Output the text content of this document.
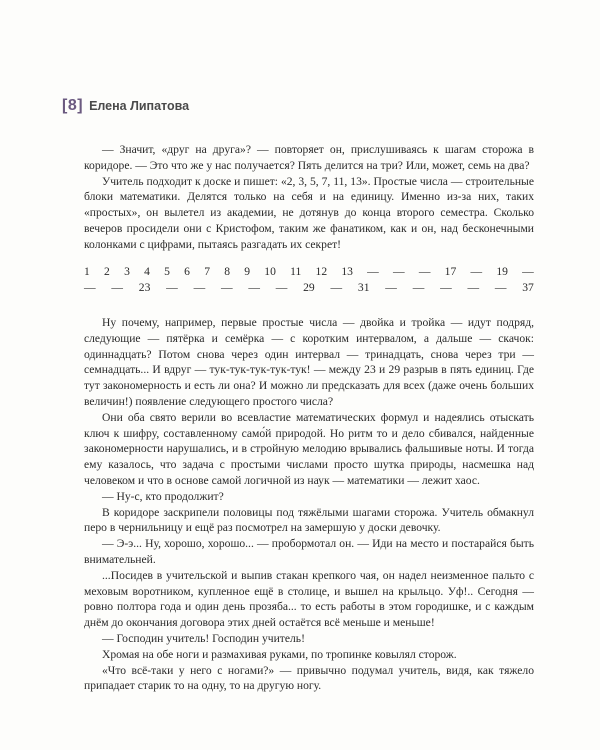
[8] Елена Липатова

— Значит, «друг на друга»? — повторяет он, прислушиваясь к шагам сторожа в коридоре. — Это что же у нас получается? Пять делится на три? Или, может, семь на два?

Учитель подходит к доске и пишет: «2, 3, 5, 7, 11, 13». Простые числа — строительные блоки математики. Делятся только на себя и на единицу. Именно из-за них, таких «простых», он вылетел из академии, не дотянув до конца второго семестра. Сколько вечеров просидели они с Кристофом, таким же фанатиком, как и он, над бесконечными колонками с цифрами, пытаясь разгадать их секрет!

1 2 3 4 5 6 7 8 9 10 11 12 13 — — — 17 — 19 —
— — 23 — — — — — 29 — 31 — — — — — 37

Ну почему, например, первые простые числа — двойка и тройка — идут подряд, следующие — пятёрка и семёрка — с коротким интервалом, а дальше — скачок: одиннадцать? Потом снова через один интервал — тринадцать, снова через три — семнадцать... И вдруг — тук-тук-тук-тук-тук! — между 23 и 29 разрыв в пять единиц. Где тут закономерность и есть ли она? И можно ли предсказать для всех (даже очень больших величин!) появление следующего простого числа?

Они оба свято верили во всевластие математических формул и надеялись отыскать ключ к шифру, составленному само́й природой. Но ритм то и дело сбивался, найденные закономерности нарушались, и в стройную мелодию врывались фальшивые ноты. И тогда ему казалось, что задача с простыми числами просто шутка природы, насмешка над человеком и что в основе самой логичной из наук — математики — лежит хаос.

— Ну-с, кто продолжит?

В коридоре заскрипели половицы под тяжёлыми шагами сторожа. Учитель обмакнул перо в чернильницу и ещё раз посмотрел на замершую у доски девочку.

— Э-э... Ну, хорошо, хорошо... — пробормотал он. — Иди на место и постарайся быть внимательней.

...Посидев в учительской и выпив стакан крепкого чая, он надел неизменное пальто с меховым воротником, купленное ещё в столице, и вышел на крыльцо. Уф!.. Сегодня — ровно полтора года и один день прозяба... то есть работы в этом городишке, и с каждым днём до окончания договора этих дней остаётся всё меньше и меньше!

— Господин учитель! Господин учитель!

Хромая на обе ноги и размахивая руками, по тропинке ковылял сторож.

«Что всё-таки у него с ногами?» — привычно подумал учитель, видя, как тяжело припадает старик то на одну, то на другую ногу.
